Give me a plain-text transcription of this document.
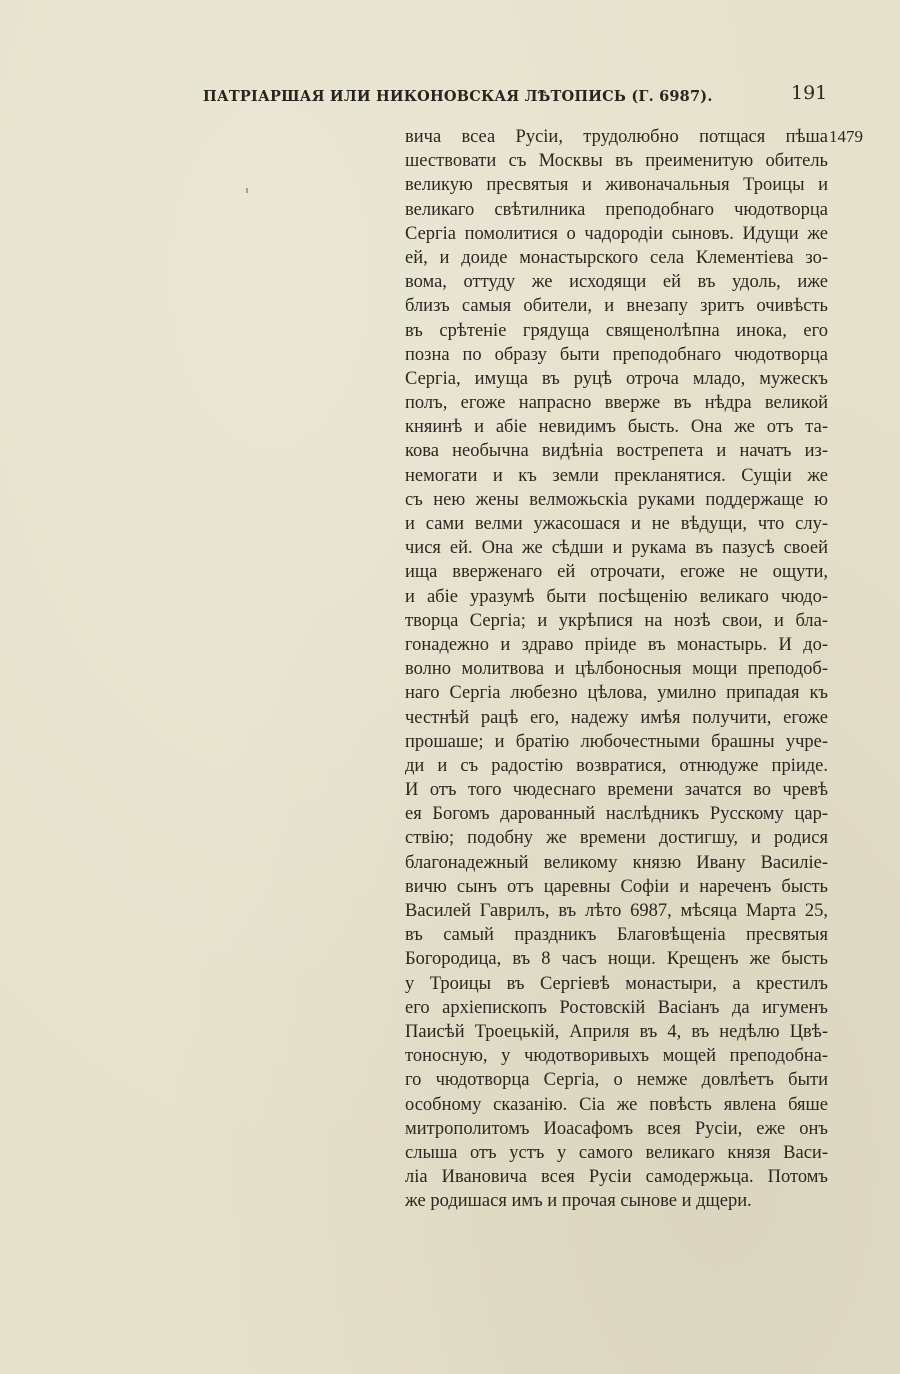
ПАТРІАРШАЯ ИЛИ НИКОНОВСКАЯ ЛѢТОПИСЬ (Г. 6987).	191
1479
вича всеа Русіи, трудолюбно потщася пѣша
шествовати съ Москвы въ преименитую обитель
великую пресвятыя и живоначальныя Троицы и
великаго свѣтилника преподобнаго чюдотворца
Сергіа помолитися о чадородіи сыновъ. Идущи же
ей, и доиде монастырского села Клементіева зо-
вома, оттуду же исходящи ей въ удоль, иже
близъ самыя обители, и внезапу зритъ очивѣсть
въ срѣтеніе грядуща священолѣпна инока, его
позна по образу быти преподобнаго чюдотворца
Сергіа, имуща въ руцѣ отроча младо, мужескъ
полъ, егоже напрасно вверже въ нѣдра великой
княинѣ и абіе невидимъ бысть. Она же отъ та-
кова необычна видѣніа вострепета и начатъ из-
немогати и къ земли прекланятися. Сущіи же
съ нею жены велможьскіа руками поддержаще ю
и сами велми ужасошася и не вѣдущи, что слу-
чися ей. Она же сѣдши и рукама въ пазусѣ своей
ища вверженаго ей отрочати, егоже не ощути,
и абіе уразумѣ быти посѣщенію великаго чюдо-
творца Сергіа; и укрѣпися на нозѣ свои, и бла-
гонадежно и здраво пріиде въ монастырь. И до-
волно молитвова и цѣлбоносныя мощи преподоб-
наго Сергіа любезно цѣлова, умилно припадая къ
честнѣй рацѣ его, надежу имѣя получити, егоже
прошаше; и братію любочестными брашны учре-
ди и съ радостію возвратися, отнюдуже пріиде.
И отъ того чюдеснаго времени зачатся во чревѣ
ея Богомъ дарованный наслѣдникъ Русскому цар-
ствію; подобну же времени достигшу, и родися
благонадежный великому князю Ивану Василіе-
вичю сынъ отъ царевны Софіи и нареченъ бысть
Василей Гаврилъ, въ лѣто 6987, мѣсяца Марта 25,
въ самый праздникъ Благовѣщеніа пресвятыя
Богородица, въ 8 часъ нощи. Крещенъ же бысть
у Троицы въ Сергіевѣ монастыри, а крестилъ
его архіепископъ Ростовскій Васіанъ да игуменъ
Паисѣй Троецькій, Априля въ 4, въ недѣлю Цвѣ-
тоносную, у чюдотворивыхъ мощей преподобна-
го чюдотворца Сергіа, о немже довлѣетъ быти
особному сказанію. Сіа же повѣсть явлена бяше
митрополитомъ Иоасафомъ всея Русіи, еже онъ
слыша отъ устъ у самого великаго князя Васи-
ліа Ивановича всея Русіи самодержьца. Потомъ
же родишася имъ и прочая сынове и дщери.
